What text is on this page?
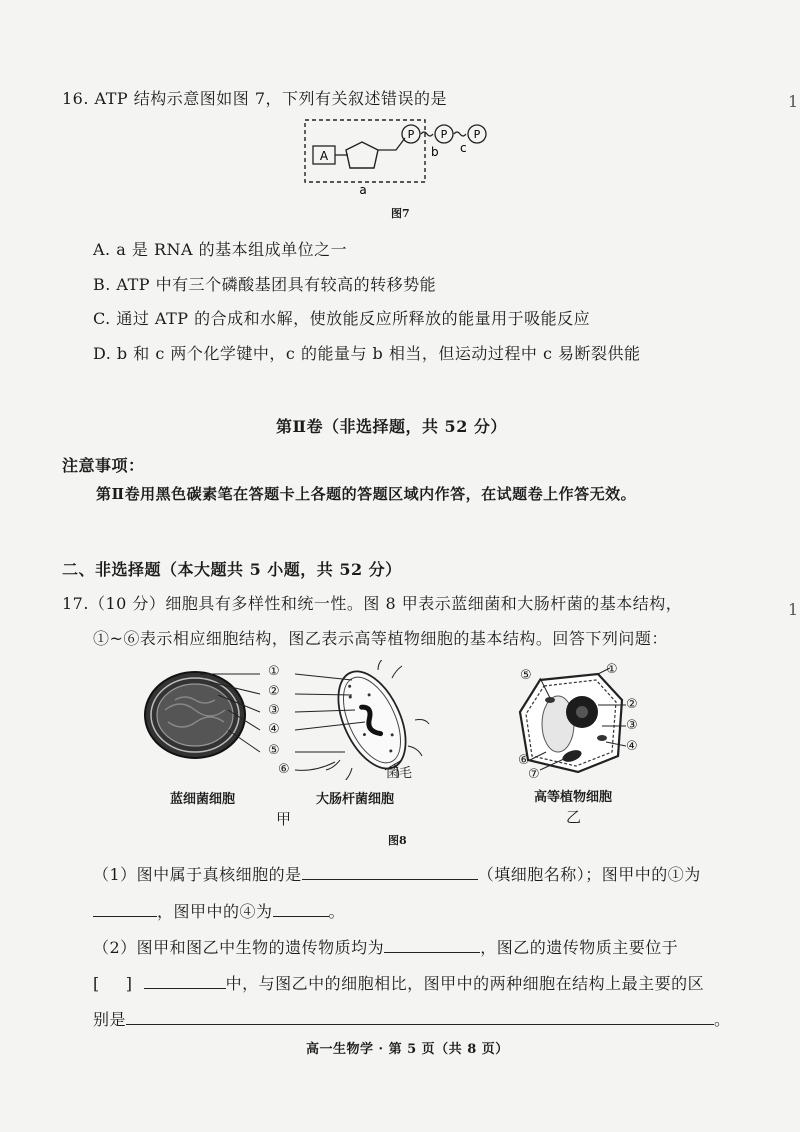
16. ATP 结构示意图如图 7，下列有关叙述错误的是
A
P P P
b c
a
图7
A. a 是 RNA 的基本组成单位之一
B. ATP 中有三个磷酸基团具有较高的转移势能
C. 通过 ATP 的合成和水解，使放能反应所释放的能量用于吸能反应
D. b 和 c 两个化学键中，c 的能量与 b 相当，但运动过程中 c 易断裂供能
第Ⅱ卷（非选择题，共 52 分）
注意事项：
第Ⅱ卷用黑色碳素笔在答题卡上各题的答题区域内作答，在试题卷上作答无效。
二、非选择题（本大题共 5 小题，共 52 分）
17.（10 分）细胞具有多样性和统一性。图 8 甲表示蓝细菌和大肠杆菌的基本结构，
①~⑥表示相应细胞结构，图乙表示高等植物细胞的基本结构。回答下列问题：
①
②
③
④
⑤
⑥	菌毛
蓝细菌细胞	大肠杆菌细胞
甲
⑤	①
②
③
④
⑥
⑦
高等植物细胞
乙
图8
（1）图中属于真核细胞的是	（填细胞名称）；图甲中的①为
，图甲中的④为	。
（2）图甲和图乙中生物的遗传物质均为	，图乙的遗传物质主要位于
[ ]	中，与图乙中的细胞相比，图甲中的两种细胞在结构上最主要的区
别是	。
高一生物学 · 第 5 页（共 8 页）
1
1
